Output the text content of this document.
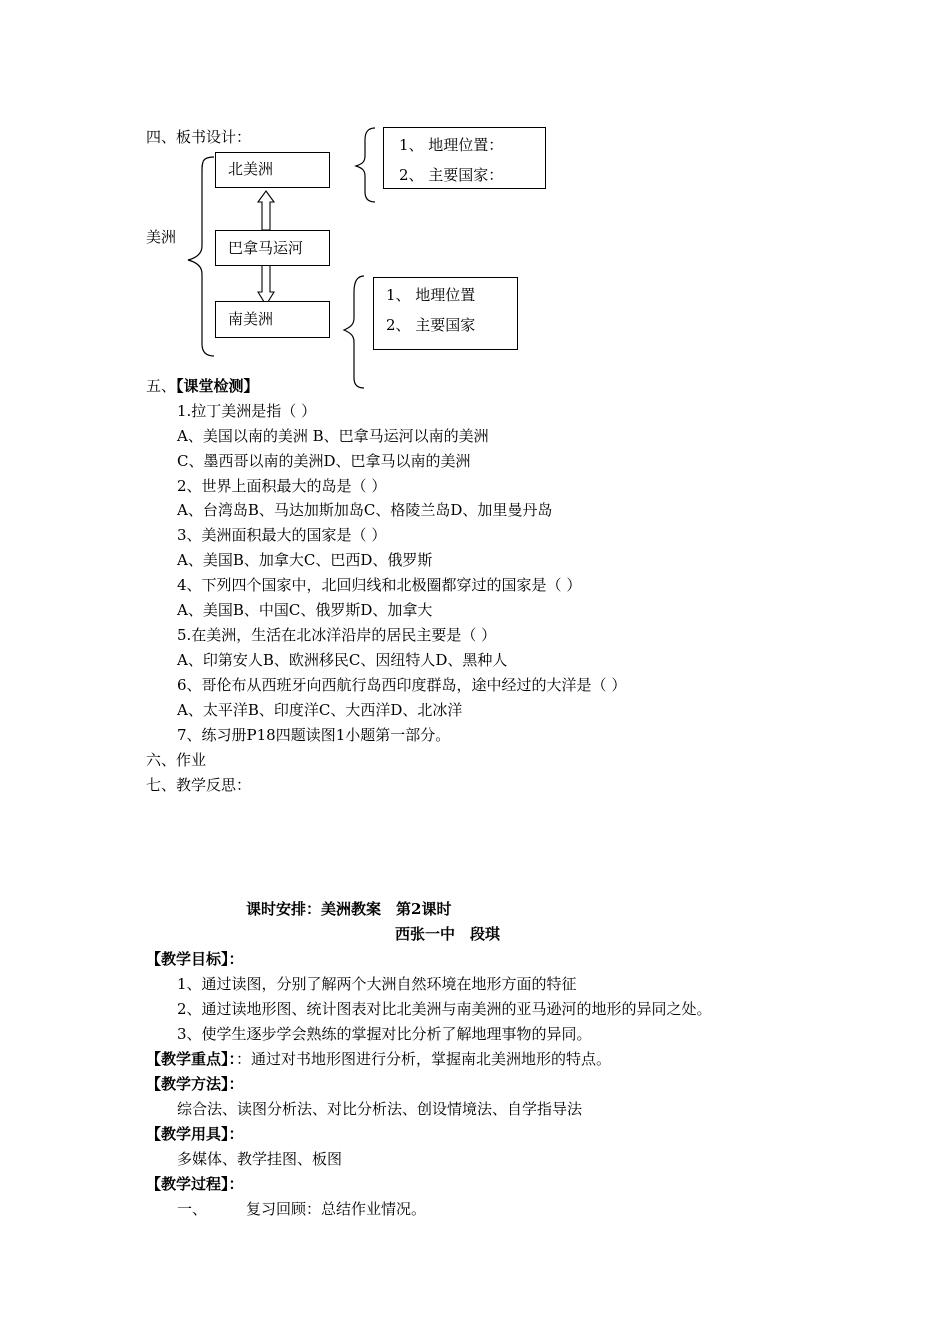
四、板书设计：
美洲
北美洲
巴拿马运河
南美洲
1、 地理位置：
2、 主要国家：
1、 地理位置
2、 主要国家
五、【课堂检测】
1.拉丁美洲是指（ ）
A、美国以南的美洲 B、巴拿马运河以南的美洲
C、墨西哥以南的美洲D、巴拿马以南的美洲
2、世界上面积最大的岛是（ ）
A、台湾岛B、马达加斯加岛C、格陵兰岛D、加里曼丹岛
3、美洲面积最大的国家是（ ）
A、美国B、加拿大C、巴西D、俄罗斯
4、下列四个国家中，北回归线和北极圈都穿过的国家是（ ）
A、美国B、中国C、俄罗斯D、加拿大
5.在美洲，生活在北冰洋沿岸的居民主要是（ ）
A、印第安人B、欧洲移民C、因纽特人D、黑种人
6、哥伦布从西班牙向西航行岛西印度群岛，途中经过的大洋是（ ）
A、太平洋B、印度洋C、大西洋D、北冰洋
7、练习册P18四题读图1小题第一部分。
六、作业
七、教学反思：
课时安排：美洲教案　第2课时
西张一中　段琪
【教学目标】：
1、通过读图，分别了解两个大洲自然环境在地形方面的特征
2、通过读地形图、统计图表对比北美洲与南美洲的亚马逊河的地形的异同之处。
3、使学生逐步学会熟练的掌握对比分析了解地理事物的异同。
【教学重点】：：通过对书地形图进行分析，掌握南北美洲地形的特点。
【教学方法】：
综合法、读图分析法、对比分析法、创设情境法、自学指导法
【教学用具】：
多媒体、教学挂图、板图
【教学过程】：
一、	复习回顾：总结作业情况。
